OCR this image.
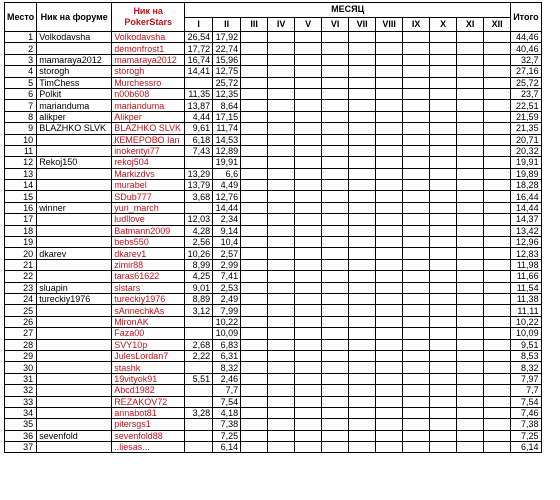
Место	Ник на форуме	Ник на PokerStars	МЕСЯЦ												Итого
			I	II	III	IV	V	VI	VII	VIII	IX	X	XI	XII	
1	Volkodavsha	Volkodavsha	26,54	17,92											44,46
2		demonfrost1	17,72	22,74											40,46
3	mamaraya2012	mamaraya2012	16,74	15,96											32,7
4	storogh	storogh	14,41	12,75											27,16
5	TimChess	Murchessro		25,72											25,72
6	Polkit	n00b608	11,35	12,35											23,7
7	marianduma	marianduma	13,87	8,64											22,51
8	alikper	Alikper	4,44	17,15											21,59
9	BLAZHKO SLVK	BLAZHKO SLVK	9,61	11,74											21,35
10		КЕМЕРОВО Ian	6,18	14,53											20,71
11		inokentyi77	7,43	12,89											20,32
12	Rekoj150	rekoj504		19,91											19,91
13		Markizdvs	13,29	6,6											19,89
14		murabel	13,79	4,49											18,28
15		SDub777	3,68	12,76											16,44
16	winner	yuri_march		14,44											14,44
17		ludllove	12,03	2,34											14,37
18		Batmann2009	4,28	9,14											13,42
19		bebs550	2,56	10,4											12,96
20	dkarev	dkarev1	10,26	2,57											12,83
21		zimir88	8,99	2,99											11,98
22		taras61622	4,25	7,41											11,66
23	sluapin	slstars	9,01	2,53											11,54
24	tureckiy1976	tureckiy1976	8,89	2,49											11,38
25		sAnnechkAs	3,12	7,99											11,11
26		MironAK		10,22											10,22
27		Faza00		10,09											10,09
28		SVY10p	2,68	6,83											9,51
29		JulesLordan7	2,22	6,31											8,53
30		stashk		8,32											8,32
31		19vityok91	5,51	2,46											7,97
32		Abcd1982		7,7											7,7
33		REZAKOV72		7,54											7,54
34		annabot81	3,28	4,18											7,46
35		pitersgs1		7,38											7,38
36	sevenfold	sevenfold88		7,25											7,25
37		..liesas...		6,14											6,14
